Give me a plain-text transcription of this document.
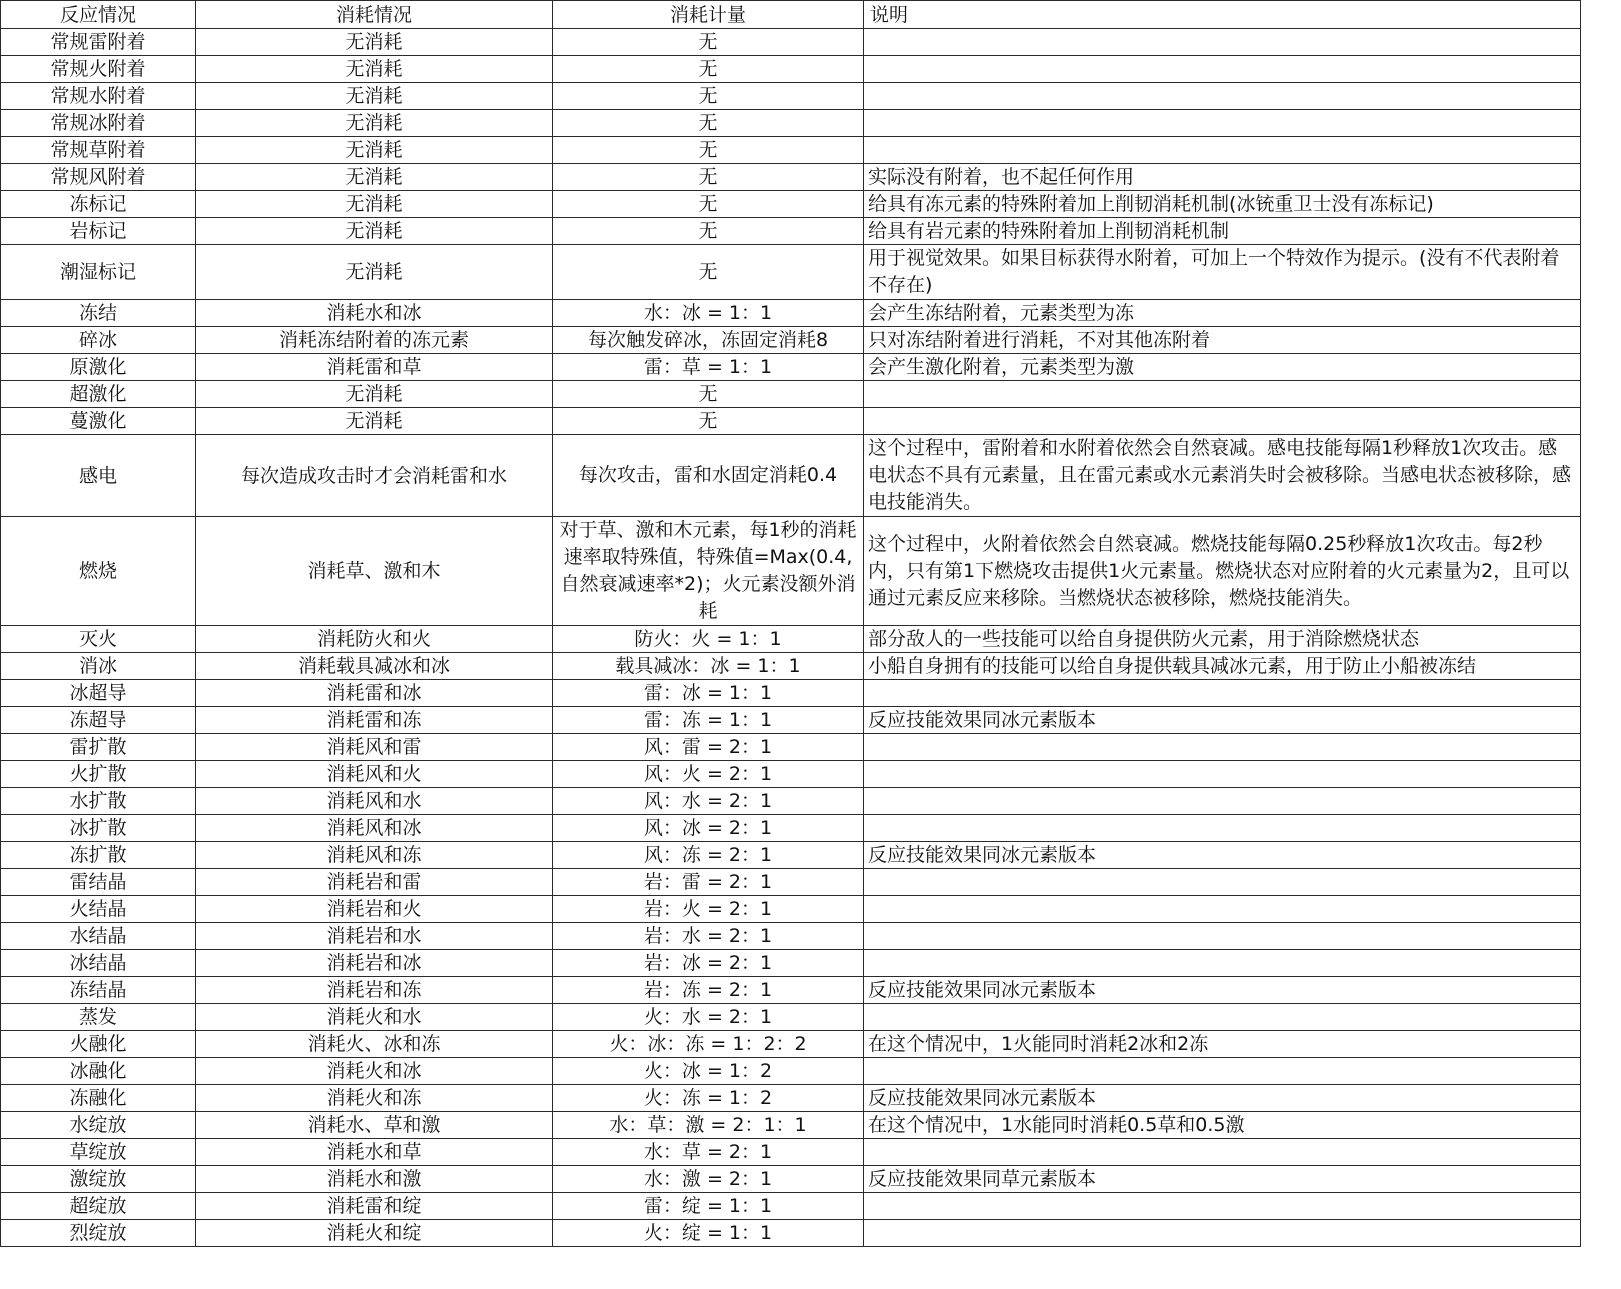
反应情况	消耗情况	消耗计量	说明
常规雷附着	无消耗	无	
常规火附着	无消耗	无	
常规水附着	无消耗	无	
常规冰附着	无消耗	无	
常规草附着	无消耗	无	
常规风附着	无消耗	无	实际没有附着，也不起任何作用
冻标记	无消耗	无	给具有冻元素的特殊附着加上削韧消耗机制(冰铳重卫士没有冻标记)
岩标记	无消耗	无	给具有岩元素的特殊附着加上削韧消耗机制
潮湿标记	无消耗	无	用于视觉效果。如果目标获得水附着，可加上一个特效作为提示。(没有不代表附着不存在)
冻结	消耗水和冰	水：冰 = 1：1	会产生冻结附着，元素类型为冻
碎冰	消耗冻结附着的冻元素	每次触发碎冰，冻固定消耗8	只对冻结附着进行消耗，不对其他冻附着
原激化	消耗雷和草	雷：草 = 1：1	会产生激化附着，元素类型为激
超激化	无消耗	无	
蔓激化	无消耗	无	
感电	每次造成攻击时才会消耗雷和水	每次攻击，雷和水固定消耗0.4	这个过程中，雷附着和水附着依然会自然衰减。感电技能每隔1秒释放1次攻击。感电状态不具有元素量，且在雷元素或水元素消失时会被移除。当感电状态被移除，感电技能消失。
燃烧	消耗草、激和木	对于草、激和木元素，每1秒的消耗速率取特殊值，特殊值=Max(0.4, 自然衰减速率*2)；火元素没额外消耗	这个过程中，火附着依然会自然衰减。燃烧技能每隔0.25秒释放1次攻击。每2秒内，只有第1下燃烧攻击提供1火元素量。燃烧状态对应附着的火元素量为2，且可以通过元素反应来移除。当燃烧状态被移除，燃烧技能消失。
灭火	消耗防火和火	防火：火 = 1：1	部分敌人的一些技能可以给自身提供防火元素，用于消除燃烧状态
消冰	消耗载具减冰和冰	载具减冰：冰 = 1：1	小船自身拥有的技能可以给自身提供载具减冰元素，用于防止小船被冻结
冰超导	消耗雷和冰	雷：冰 = 1：1	
冻超导	消耗雷和冻	雷：冻 = 1：1	反应技能效果同冰元素版本
雷扩散	消耗风和雷	风：雷 = 2：1	
火扩散	消耗风和火	风：火 = 2：1	
水扩散	消耗风和水	风：水 = 2：1	
冰扩散	消耗风和冰	风：冰 = 2：1	
冻扩散	消耗风和冻	风：冻 = 2：1	反应技能效果同冰元素版本
雷结晶	消耗岩和雷	岩：雷 = 2：1	
火结晶	消耗岩和火	岩：火 = 2：1	
水结晶	消耗岩和水	岩：水 = 2：1	
冰结晶	消耗岩和冰	岩：冰 = 2：1	
冻结晶	消耗岩和冻	岩：冻 = 2：1	反应技能效果同冰元素版本
蒸发	消耗火和水	火：水 = 2：1	
火融化	消耗火、冰和冻	火：冰：冻 = 1：2：2	在这个情况中，1火能同时消耗2冰和2冻
冰融化	消耗火和冰	火：冰 = 1：2	
冻融化	消耗火和冻	火：冻 = 1：2	反应技能效果同冰元素版本
水绽放	消耗水、草和激	水：草：激 = 2：1：1	在这个情况中，1水能同时消耗0.5草和0.5激
草绽放	消耗水和草	水：草 = 2：1	
激绽放	消耗水和激	水：激 = 2：1	反应技能效果同草元素版本
超绽放	消耗雷和绽	雷：绽 = 1：1	
烈绽放	消耗火和绽	火：绽 = 1：1	
